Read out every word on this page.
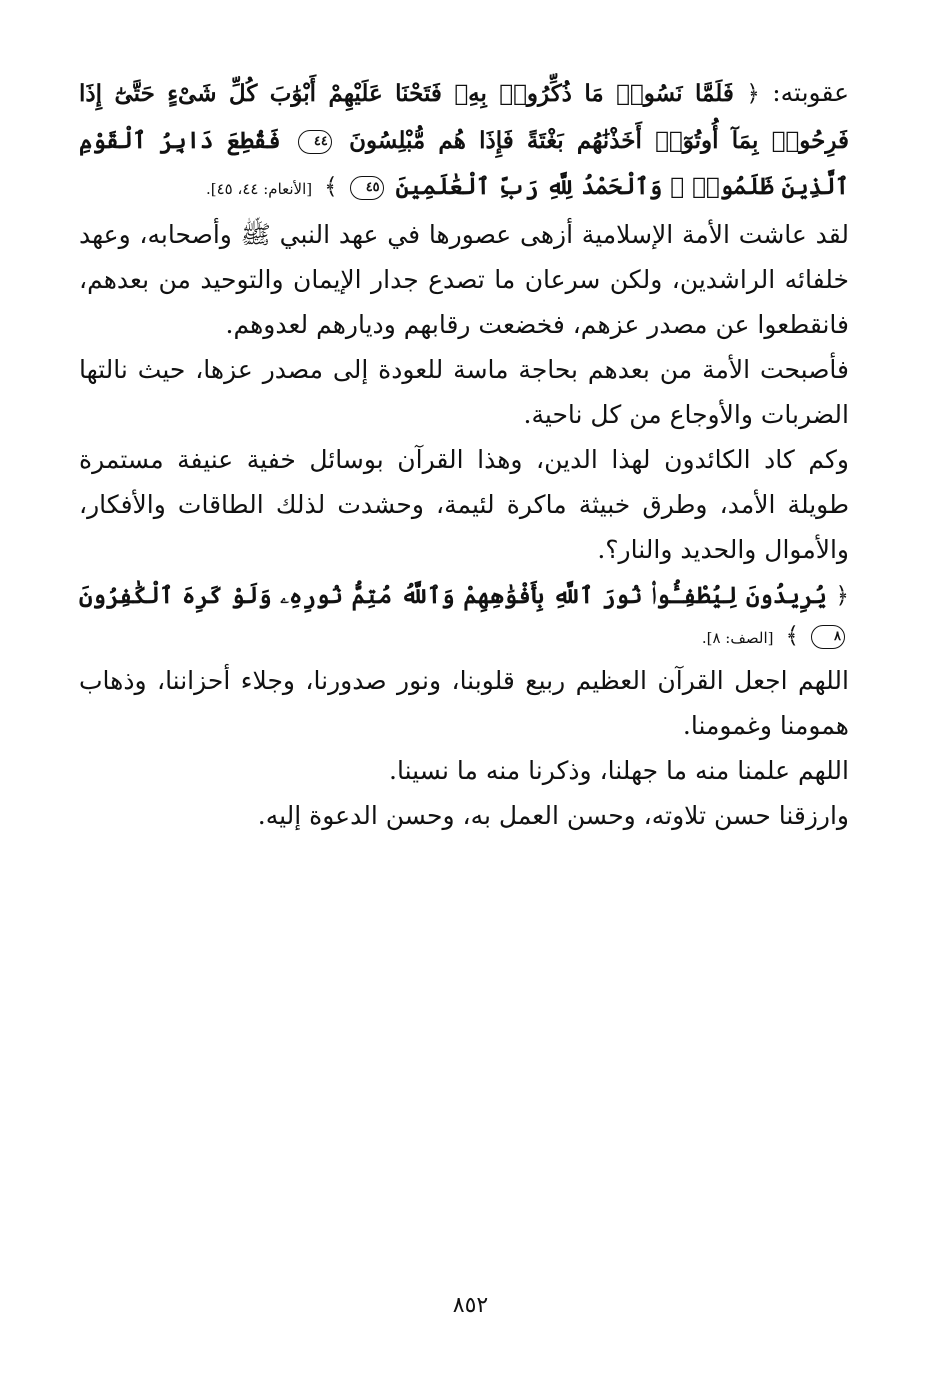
عقوبته: ﴿ فَلَمَّا نَسُوا۟ مَا ذُكِّرُوا۟ بِهِۦ فَتَحْنَا عَلَيْهِمْ أَبْوَٰبَ كُلِّ شَىْءٍ حَتَّىٰٓ إِذَا فَرِحُوا۟ بِمَآ أُوتُوٓا۟ أَخَذْنَٰهُم بَغْتَةً فَإِذَا هُم مُّبْلِسُونَ ٤٤ فَقُطِعَ دَابِرُ ٱلْقَوْمِ ٱلَّذِينَ ظَلَمُوا۟ ۚ وَٱلْحَمْدُ لِلَّهِ رَبِّ ٱلْعَٰلَمِينَ ٤٥ ﴾ [الأنعام: ٤٤، ٤٥].

لقد عاشت الأمة الإسلامية أزهى عصورها في عهد النبي ﷺ وأصحابه، وعهد خلفائه الراشدين، ولكن سرعان ما تصدع جدار الإيمان والتوحيد من بعدهم، فانقطعوا عن مصدر عزهم، فخضعت رقابهم وديارهم لعدوهم.

فأصبحت الأمة من بعدهم بحاجة ماسة للعودة إلى مصدر عزها، حيث نالتها الضربات والأوجاع من كل ناحية.

وكم كاد الكائدون لهذا الدين، وهذا القرآن بوسائل خفية عنيفة مستمرة طويلة الأمد، وطرق خبيثة ماكرة لئيمة، وحشدت لذلك الطاقات والأفكار، والأموال والحديد والنار؟.

﴿ يُرِيدُونَ لِيُطْفِـُٔوا۟ نُورَ ٱللَّهِ بِأَفْوَٰهِهِمْ وَٱللَّهُ مُتِمُّ نُورِهِۦ وَلَوْ كَرِهَ ٱلْكَٰفِرُونَ ٨ ﴾ [الصف: ٨].

اللهم اجعل القرآن العظيم ربيع قلوبنا، ونور صدورنا، وجلاء أحزاننا، وذهاب همومنا وغمومنا.

اللهم علمنا منه ما جهلنا، وذكرنا منه ما نسينا.

وارزقنا حسن تلاوته، وحسن العمل به، وحسن الدعوة إليه.

٨٥٢
